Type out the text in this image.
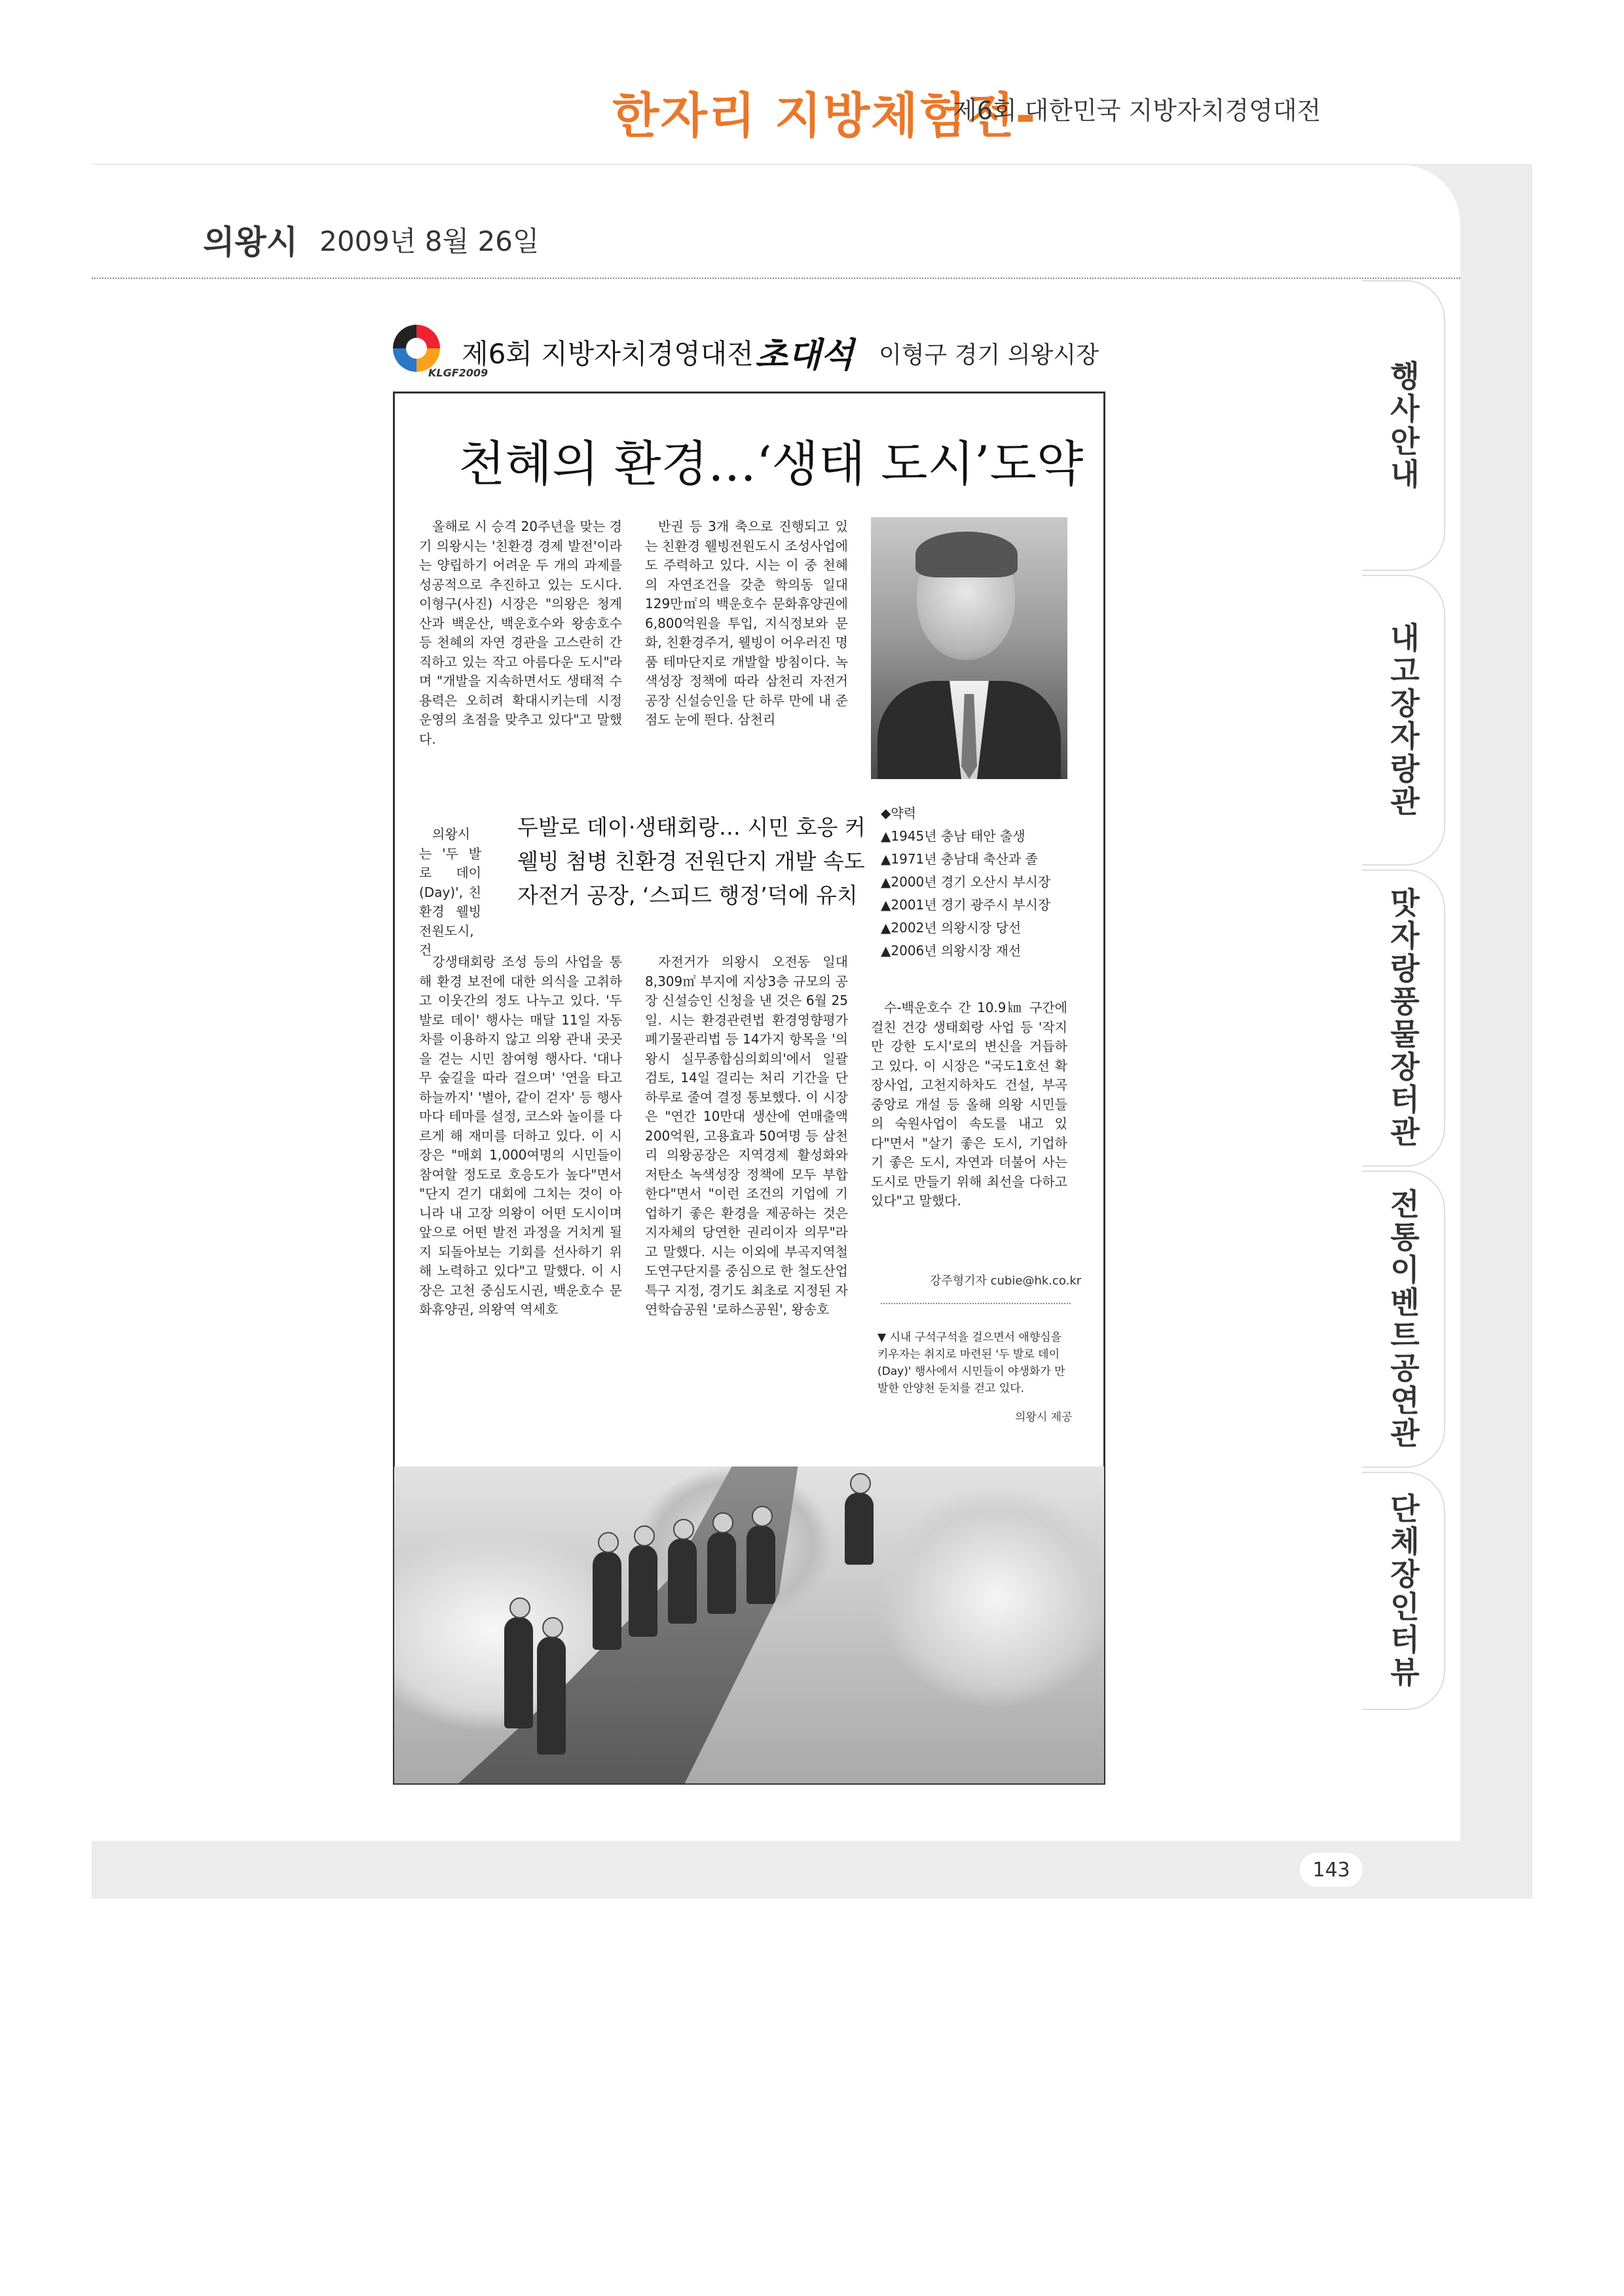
한자리 지방체험전-
제6회 대한민국 지방자치경영대전
의왕시 2009년 8월 26일
행사안내
내고장자랑관
맛자랑풍물장터관
전통이벤트공연관
단체장인터뷰
KLGF2009
제6회 지방자치경영대전 초대석 이형구 경기 의왕시장
천혜의 환경…‘생태 도시’도약

올해로 시 승격 20주년을 맞는 경기 의왕시는 '친환경 경제 발전'이라는 양립하기 어려운 두 개의 과제를 성공적으로 추진하고 있는 도시다. 이형구(사진) 시장은 "의왕은 청계산과 백운산, 백운호수와 왕송호수 등 천혜의 자연 경관을 고스란히 간직하고 있는 작고 아름다운 도시"라며 "개발을 지속하면서도 생태적 수용력은 오히려 확대시키는데 시정 운영의 초점을 맞추고 있다"고 말했다.

반권 등 3개 축으로 진행되고 있는 친환경 웰빙전원도시 조성사업에도 주력하고 있다. 시는 이 중 천혜의 자연조건을 갖춘 학의동 일대 129만㎡의 백운호수 문화휴양권에 6,800억원을 투입, 지식정보와 문화, 친환경주거, 웰빙이 어우러진 명품 테마단지로 개발할 방침이다. 녹색성장 정책에 따라 삼천리 자전거공장 신설승인을 단 하루 만에 내 준 점도 눈에 띈다. 삼천리

의왕시는 '두 발로 데이(Day)', 친환경 웰빙 전원도시, 건

두발로 데이·생태회랑… 시민 호응 커
웰빙 첨병 친환경 전원단지 개발 속도
자전거 공장, ‘스피드 행정’덕에 유치

강생태회랑 조성 등의 사업을 통해 환경 보전에 대한 의식을 고취하고 이웃간의 정도 나누고 있다. '두 발로 데이' 행사는 매달 11일 자동차를 이용하지 않고 의왕 관내 곳곳을 걷는 시민 참여형 행사다. '대나무 숲길을 따라 걸으며' '연을 타고 하늘까지' '별아, 같이 걷자' 등 행사마다 테마를 설정, 코스와 놀이를 다르게 해 재미를 더하고 있다. 이 시장은 "매회 1,000여명의 시민들이 참여할 정도로 호응도가 높다"면서 "단지 걷기 대회에 그치는 것이 아니라 내 고장 의왕이 어떤 도시이며 앞으로 어떤 발전 과정을 거치게 될지 되돌아보는 기회를 선사하기 위해 노력하고 있다"고 말했다. 이 시장은 고천 중심도시권, 백운호수 문화휴양권, 의왕역 역세호

자전거가 의왕시 오전동 일대 8,309㎡ 부지에 지상3층 규모의 공장 신설승인 신청을 낸 것은 6월 25일. 시는 환경관련법 환경영향평가 폐기물관리법 등 14가지 항목을 '의왕시 실무종합심의회의'에서 일괄 검토, 14일 걸리는 처리 기간을 단 하루로 줄여 결정 통보했다. 이 시장은 "연간 10만대 생산에 연매출액 200억원, 고용효과 50여명 등 삼천리 의왕공장은 지역경제 활성화와 저탄소 녹색성장 정책에 모두 부합한다"면서 "이런 조건의 기업에 기업하기 좋은 환경을 제공하는 것은 지자체의 당연한 권리이자 의무"라고 말했다. 시는 이외에 부곡지역철도연구단지를 중심으로 한 철도산업특구 지정, 경기도 최초로 지정된 자연학습공원 '로하스공원', 왕송호

수-백운호수 간 10.9㎞ 구간에 걸친 건강 생태회랑 사업 등 '작지만 강한 도시'로의 변신을 거듭하고 있다. 이 시장은 "국도1호선 확장사업, 고천지하차도 건설, 부곡 중앙로 개설 등 올해 의왕 시민들의 숙원사업이 속도를 내고 있다"면서 "살기 좋은 도시, 기업하기 좋은 도시, 자연과 더불어 사는 도시로 만들기 위해 최선을 다하고 있다"고 말했다.

◆약력
▲1945년 충남 태안 출생
▲1971년 충남대 축산과 졸
▲2000년 경기 오산시 부시장
▲2001년 경기 광주시 부시장
▲2002년 의왕시장 당선
▲2006년 의왕시장 재선
강주형기자 cubie@hk.co.kr
▼ 시내 구석구석을 걸으면서 애향심을 키우자는 취지로 마련된 '두 발로 데이(Day)' 행사에서 시민들이 야생화가 만발한 안양천 둔치를 걷고 있다.
의왕시 제공
143
